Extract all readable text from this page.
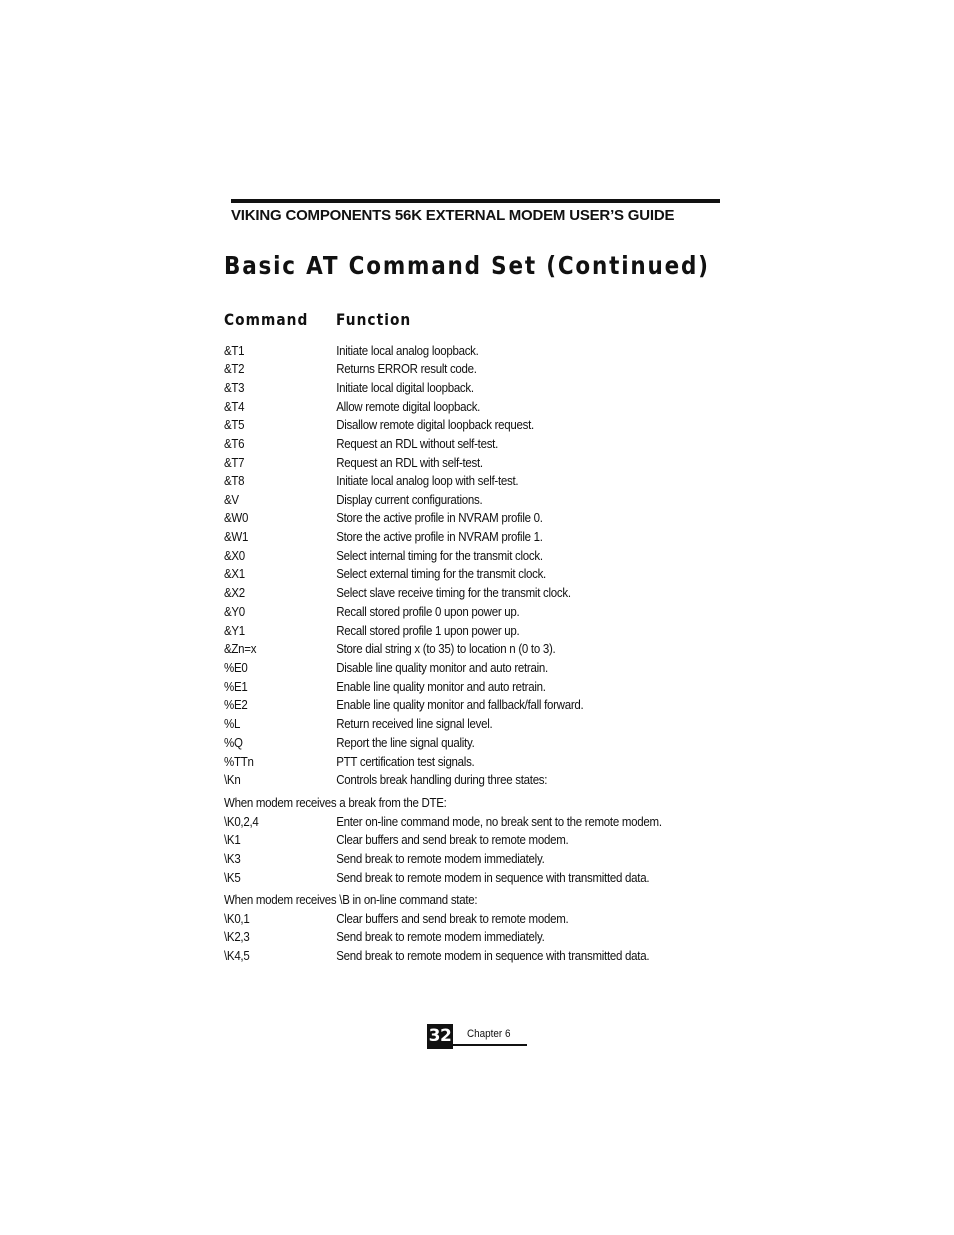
VIKING COMPONENTS 56K EXTERNAL MODEM USER’S GUIDE
Basic AT Command Set (Continued)
Command Function
&T1	Initiate local analog loopback.
&T2	Returns ERROR result code.
&T3	Initiate local digital loopback.
&T4	Allow remote digital loopback.
&T5	Disallow remote digital loopback request.
&T6	Request an RDL without self-test.
&T7	Request an RDL with self-test.
&T8	Initiate local analog loop with self-test.
&V	Display current configurations.
&W0	Store the active profile in NVRAM profile 0.
&W1	Store the active profile in NVRAM profile 1.
&X0	Select internal timing for the transmit clock.
&X1	Select external timing for the transmit clock.
&X2	Select slave receive timing for the transmit clock.
&Y0	Recall stored profile 0 upon power up.
&Y1	Recall stored profile 1 upon power up.
&Zn=x	Store dial string x (to 35) to location n (0 to 3).
%E0	Disable line quality monitor and auto retrain.
%E1	Enable line quality monitor and auto retrain.
%E2	Enable line quality monitor and fallback/fall forward.
%L	Return received line signal level.
%Q	Report the line signal quality.
%TTn	PTT certification test signals.
\Kn	Controls break handling during three states:
When modem receives a break from the DTE:
\K0,2,4	Enter on-line command mode, no break sent to the remote modem.
\K1	Clear buffers and send break to remote modem.
\K3	Send break to remote modem immediately.
\K5	Send break to remote modem in sequence with transmitted data.
When modem receives \B in on-line command state:
\K0,1	Clear buffers and send break to remote modem.
\K2,3	Send break to remote modem immediately.
\K4,5	Send break to remote modem in sequence with transmitted data.
32 Chapter 6
